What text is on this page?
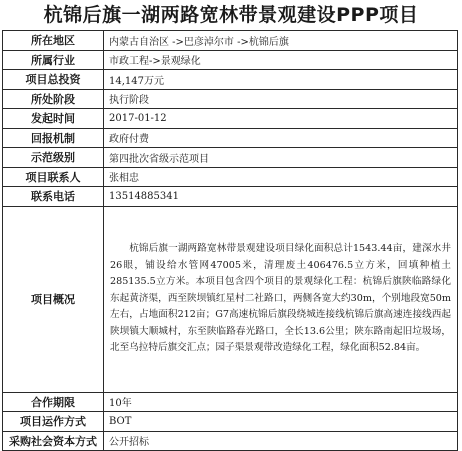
杭锦后旗一湖两路宽林带景观建设PPP项目
所在地区	内蒙古自治区 ->巴彦淖尔市 ->杭锦后旗
所属行业	市政工程->景观绿化
项目总投资	14,147万元
所处阶段	执行阶段
发起时间	2017-01-12
回报机制	政府付费
示范级别	第四批次省级示范项目
项目联系人	张相忠
联系电话	13514885341
项目概况	杭锦后旗一湖两路宽林带景观建设项目绿化面积总计1543.44亩，建深水井26眼，铺设给水管网47005米，清理废土406476.5立方米，回填种植土285135.5立方米。本项目包含四个项目的景观绿化工程：杭锦后旗陕临路绿化东起黄济渠，西至陕坝镇红星村二社路口，两侧各宽大约30m，个别地段宽50m左右，占地面积212亩；G7高速杭锦后旗段绕城连接线杭锦后旗高速连接线西起陕坝镇大顺城村，东至陕临路春光路口，全长13.6公里；陕东路南起旧垃圾场，北至乌拉特后旗交汇点；园子渠景观带改造绿化工程，绿化面积52.84亩。
合作期限	10年
项目运作方式	BOT
采购社会资本方式	公开招标
